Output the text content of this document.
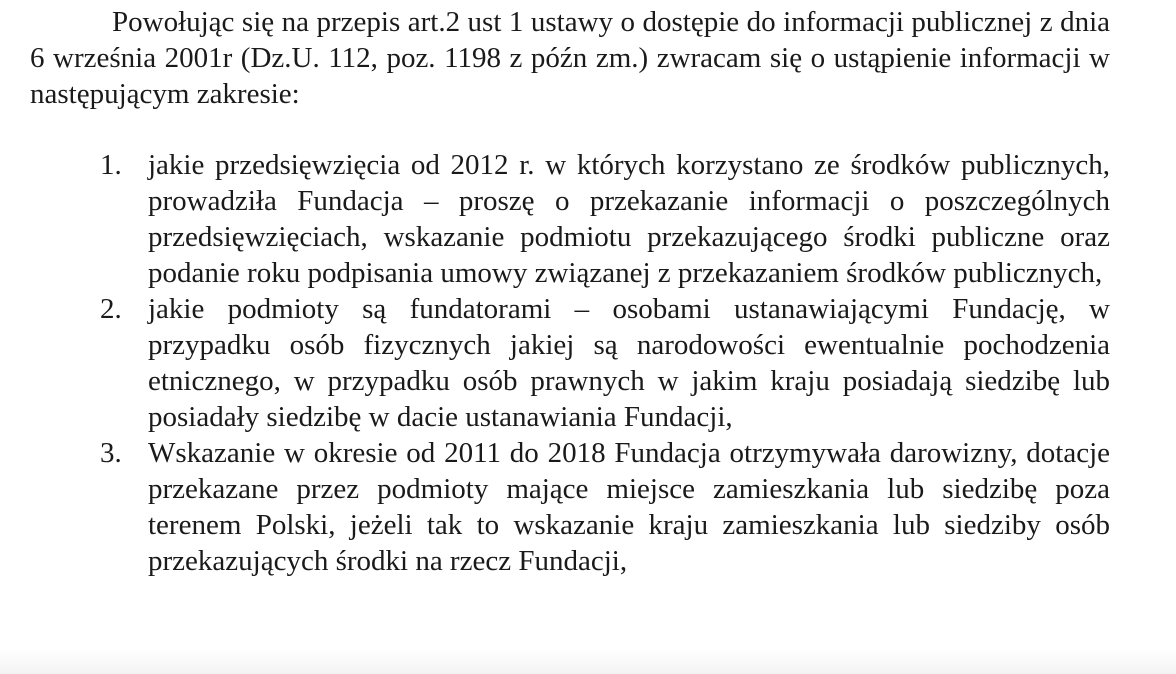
Powołując się na przepis art.2 ust 1 ustawy o dostępie do informacji publicznej z dnia 6 września 2001r (Dz.U. 112, poz. 1198 z późn zm.) zwracam się o ustąpienie informacji w następującym zakresie:

1. jakie przedsięwzięcia od 2012 r. w których korzystano ze środków publicznych, prowadziła Fundacja – proszę o przekazanie informacji o poszczególnych przedsięwzięciach, wskazanie podmiotu przekazującego środki publiczne oraz podanie roku podpisania umowy związanej z przekazaniem środków publicznych,
2. jakie podmioty są fundatorami – osobami ustanawiającymi Fundację, w przypadku osób fizycznych jakiej są narodowości ewentualnie pochodzenia etnicznego, w przypadku osób prawnych w jakim kraju posiadają siedzibę lub posiadały siedzibę w dacie ustanawiania Fundacji,
3. Wskazanie w okresie od 2011 do 2018 Fundacja otrzymywała darowizny, dotacje przekazane przez podmioty mające miejsce zamieszkania lub siedzibę poza terenem Polski, jeżeli tak to wskazanie kraju zamieszkania lub siedziby osób przekazujących środki na rzecz Fundacji,
